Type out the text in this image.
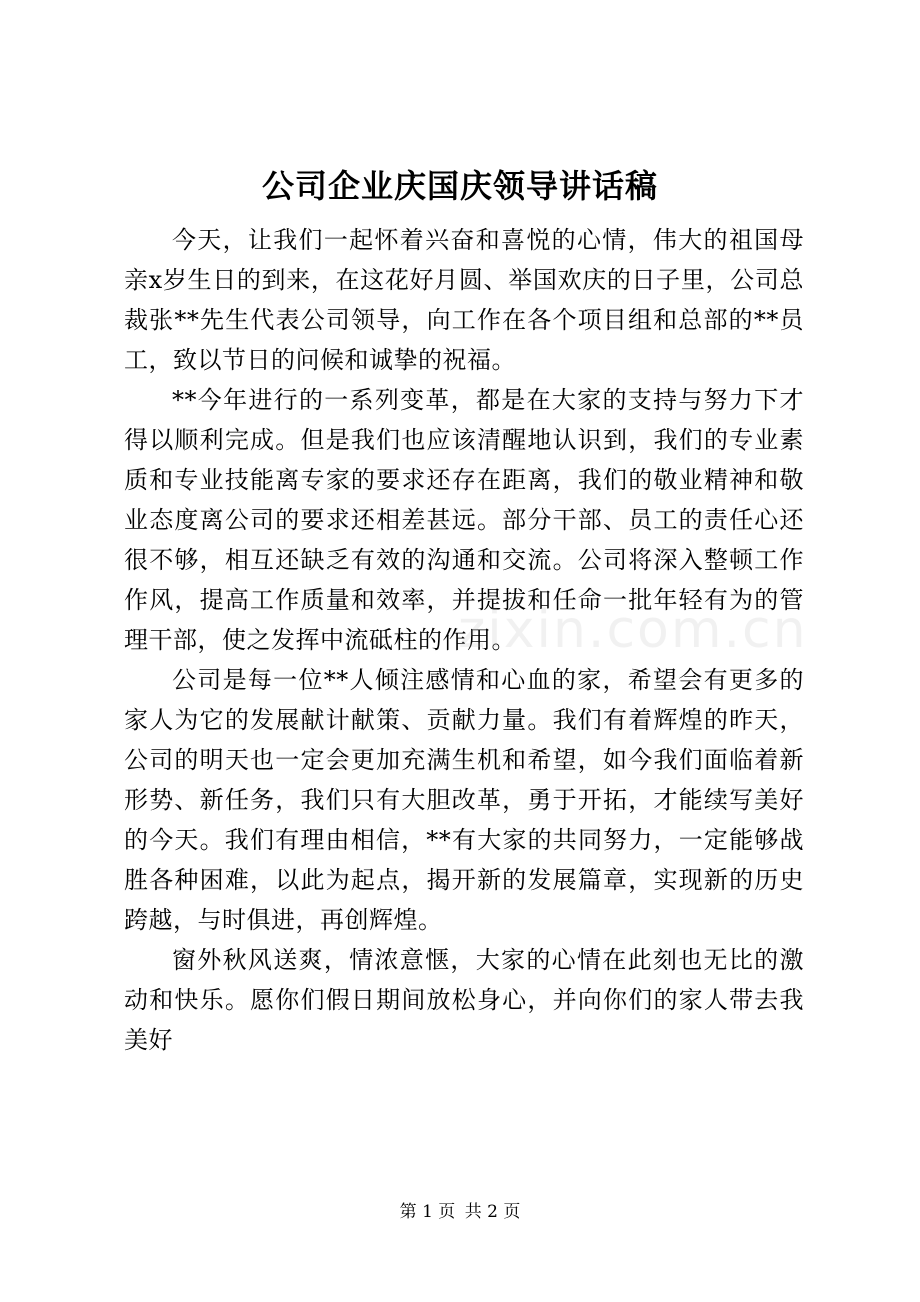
公司企业庆国庆领导讲话稿

今天，让我们一起怀着兴奋和喜悦的心情，伟大的祖国母亲x岁生日的到来，在这花好月圆、举国欢庆的日子里，公司总裁张**先生代表公司领导，向工作在各个项目组和总部的**员工，致以节日的问候和诚挚的祝福。

**今年进行的一系列变革，都是在大家的支持与努力下才得以顺利完成。但是我们也应该清醒地认识到，我们的专业素质和专业技能离专家的要求还存在距离，我们的敬业精神和敬业态度离公司的要求还相差甚远。部分干部、员工的责任心还很不够，相互还缺乏有效的沟通和交流。公司将深入整顿工作作风，提高工作质量和效率，并提拔和任命一批年轻有为的管理干部，使之发挥中流砥柱的作用。

公司是每一位**人倾注感情和心血的家，希望会有更多的家人为它的发展献计献策、贡献力量。我们有着辉煌的昨天，公司的明天也一定会更加充满生机和希望，如今我们面临着新形势、新任务，我们只有大胆改革，勇于开拓，才能续写美好的今天。我们有理由相信，**有大家的共同努力，一定能够战胜各种困难，以此为起点，揭开新的发展篇章，实现新的历史跨越，与时俱进，再创辉煌。

窗外秋风送爽，情浓意惬，大家的心情在此刻也无比的激动和快乐。愿你们假日期间放松身心，并向你们的家人带去我美好

zixin.com.cn
第 1 页 共 2 页
